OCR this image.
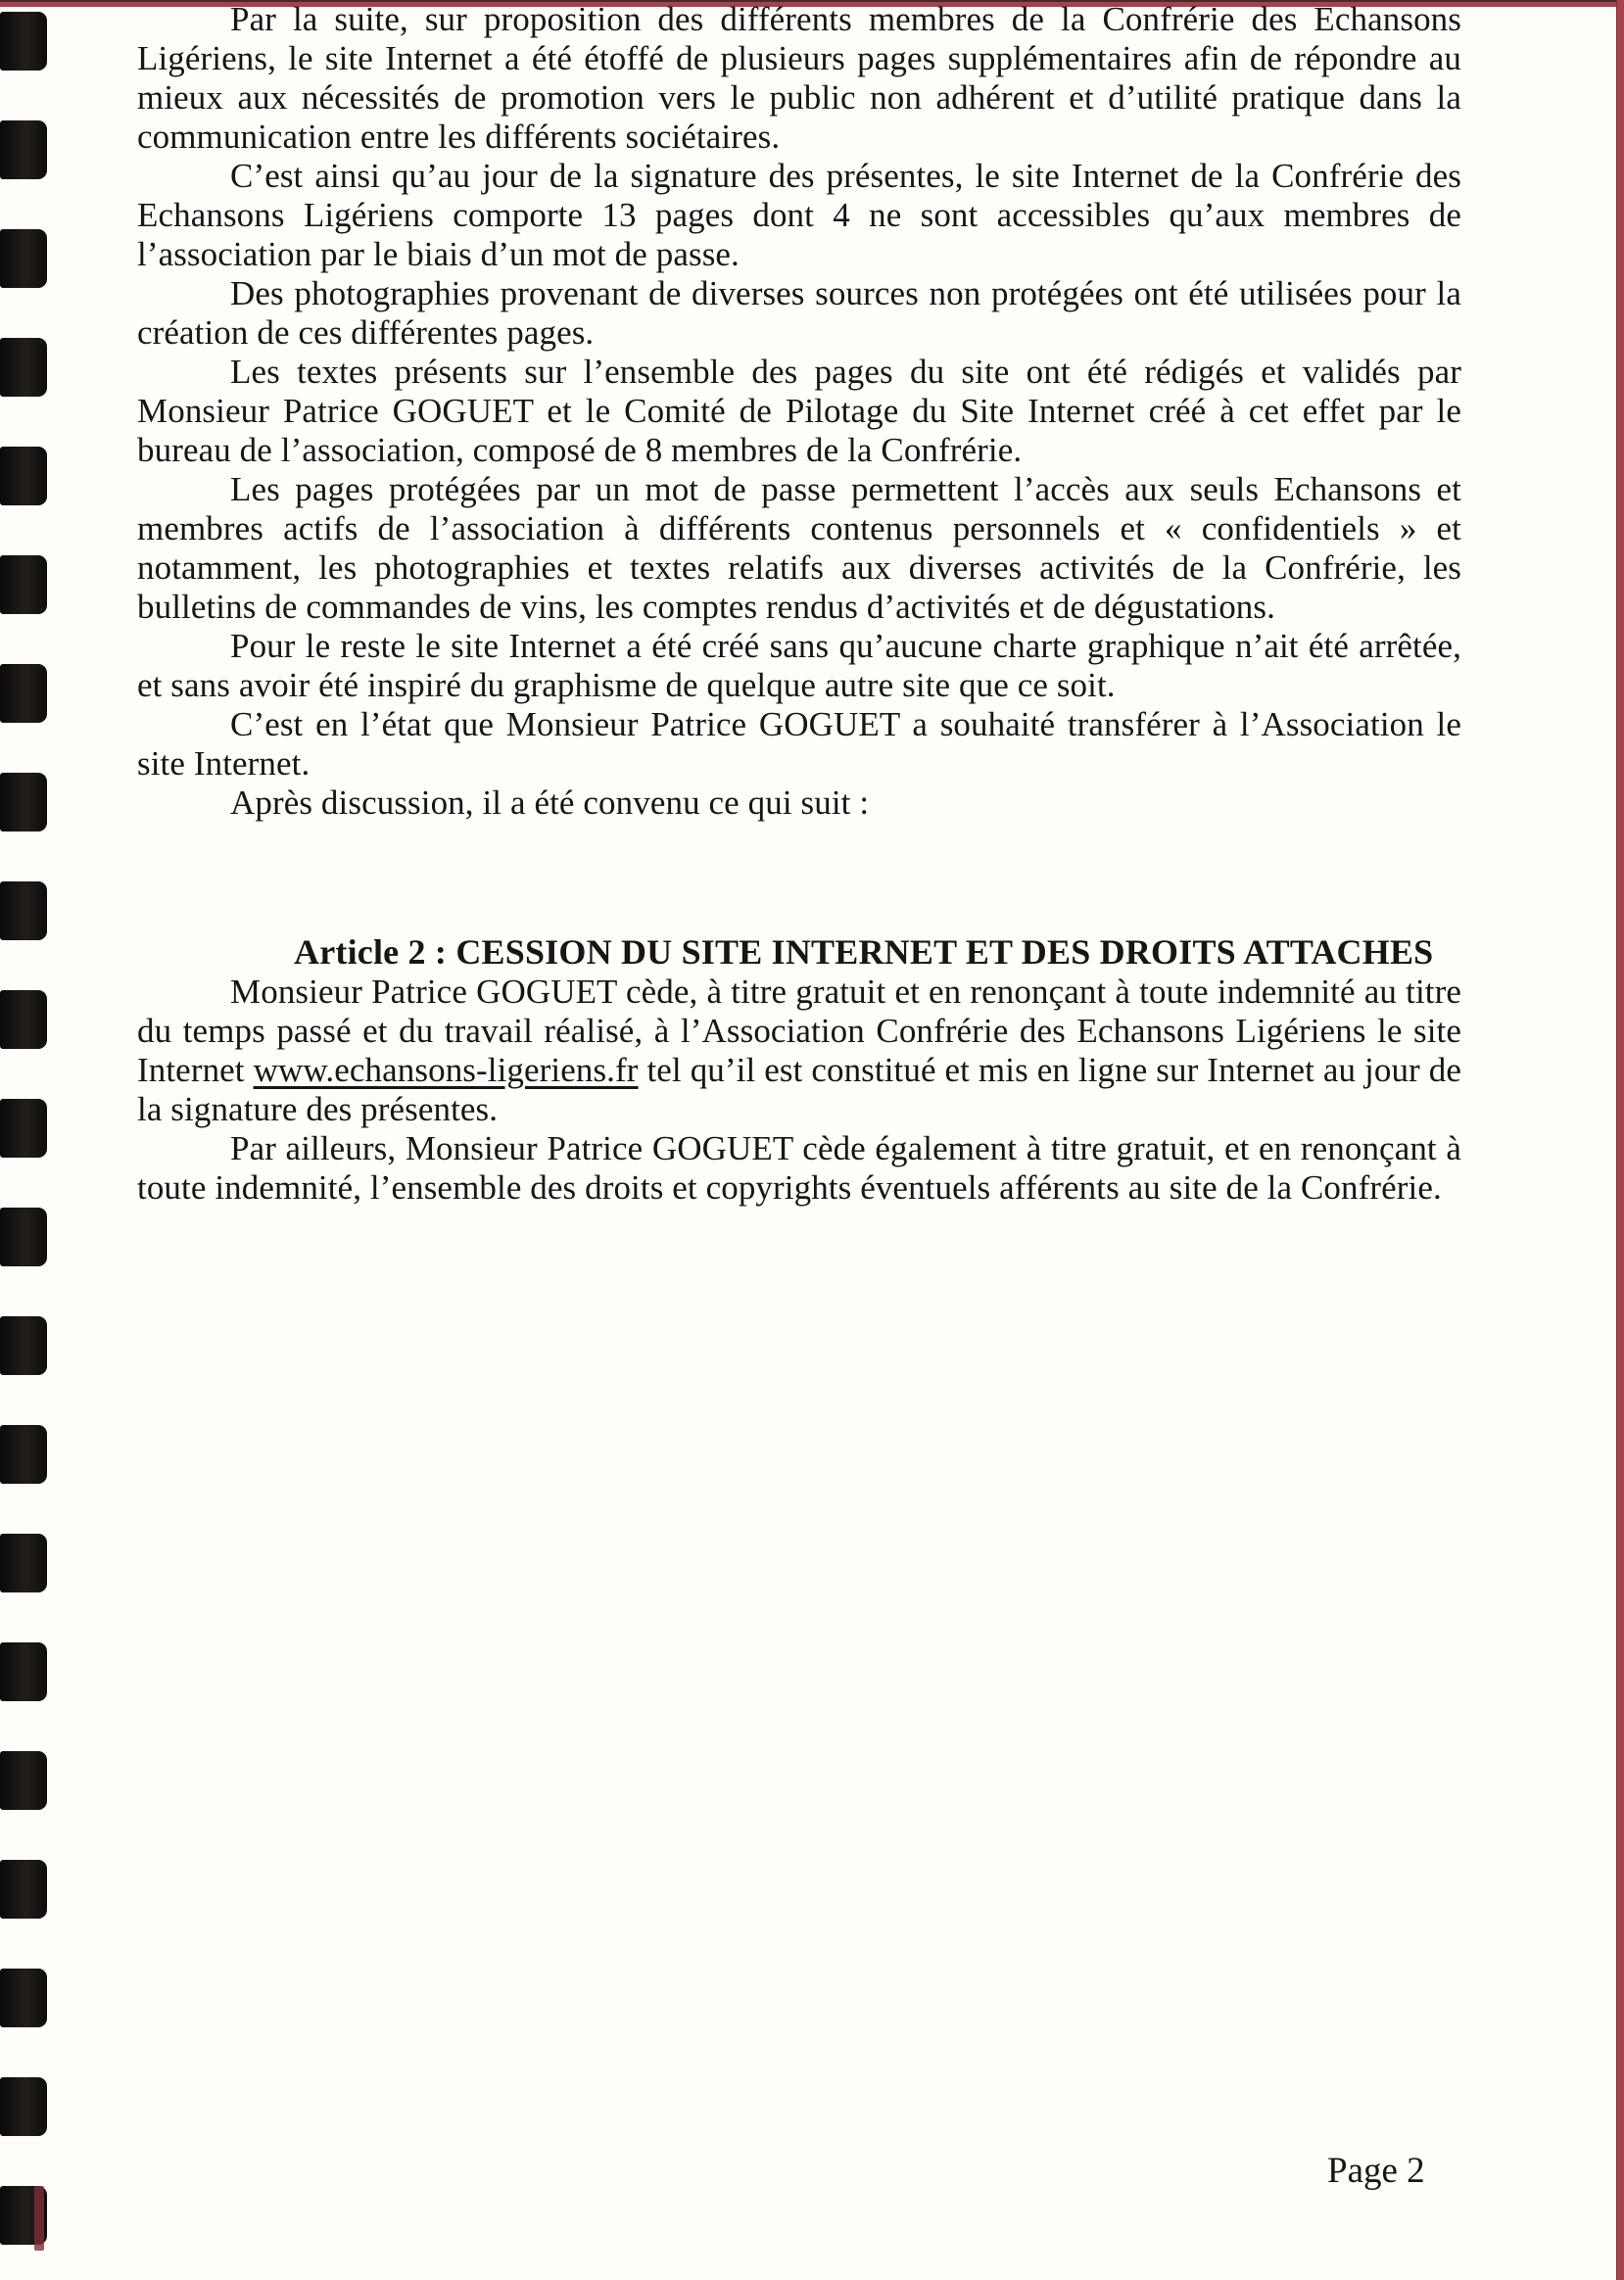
Par la suite, sur proposition des différents membres de la Confrérie des Echansons Ligériens, le site Internet a été étoffé de plusieurs pages supplémentaires afin de répondre au mieux aux nécessités de promotion vers le public non adhérent et d’utilité pratique dans la communication entre les différents sociétaires.

C’est ainsi qu’au jour de la signature des présentes, le site Internet de la Confrérie des Echansons Ligériens comporte 13 pages dont 4 ne sont accessibles qu’aux membres de l’association par le biais d’un mot de passe.

Des photographies provenant de diverses sources non protégées ont été utilisées pour la création de ces différentes pages.

Les textes présents sur l’ensemble des pages du site ont été rédigés et validés par Monsieur Patrice GOGUET et le Comité de Pilotage du Site Internet créé à cet effet par le bureau de l’association, composé de 8 membres de la Confrérie.

Les pages protégées par un mot de passe permettent l’accès aux seuls Echansons et membres actifs de l’association à différents contenus personnels et « confidentiels » et notamment, les photographies et textes relatifs aux diverses activités de la Confrérie, les bulletins de commandes de vins, les comptes rendus d’activités et de dégustations.

Pour le reste le site Internet a été créé sans qu’aucune charte graphique n’ait été arrêtée, et sans avoir été inspiré du graphisme de quelque autre site que ce soit.

C’est en l’état que Monsieur Patrice GOGUET a souhaité transférer à l’Association le site Internet.

Après discussion, il a été convenu ce qui suit :

Article 2 : CESSION DU SITE INTERNET ET DES DROITS ATTACHES

Monsieur Patrice GOGUET cède, à titre gratuit et en renonçant à toute indemnité au titre du temps passé et du travail réalisé, à l’Association Confrérie des Echansons Ligériens le site Internet www.echansons-ligeriens.fr tel qu’il est constitué et mis en ligne sur Internet au jour de la signature des présentes.

Par ailleurs, Monsieur Patrice GOGUET cède également à titre gratuit, et en renonçant à toute indemnité, l’ensemble des droits et copyrights éventuels afférents au site de la Confrérie.

Page 2
